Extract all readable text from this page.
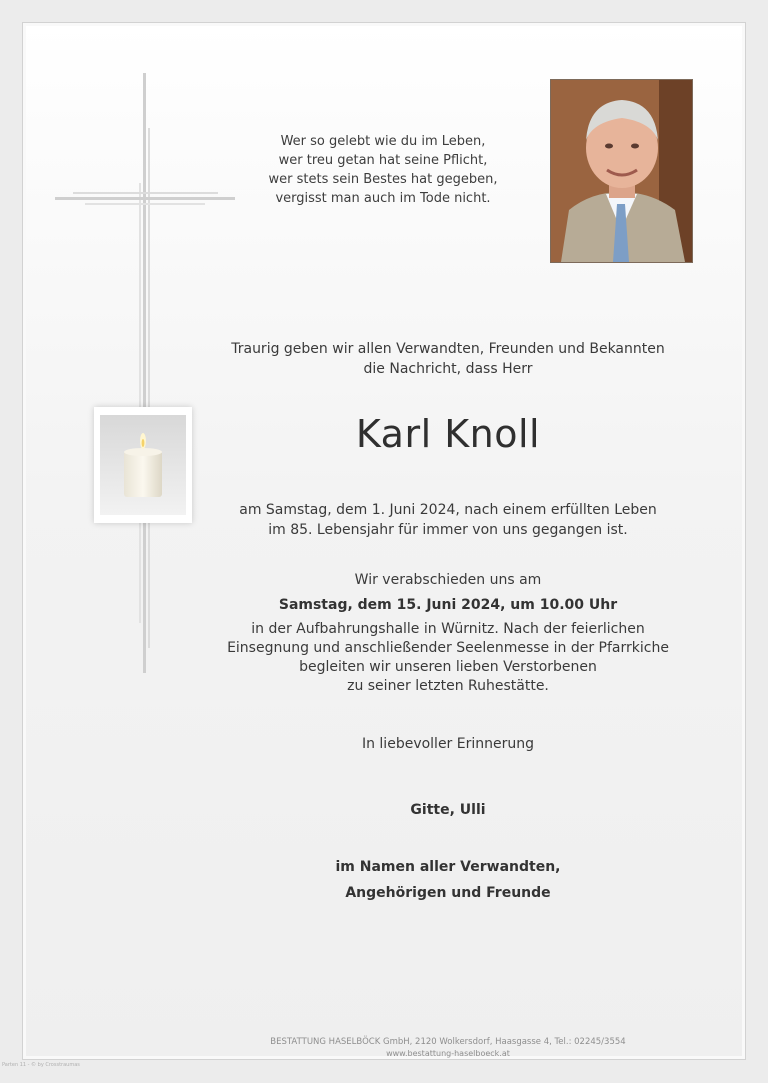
Wer so gelebt wie du im Leben,
wer treu getan hat seine Pflicht,
wer stets sein Bestes hat gegeben,
vergisst man auch im Tode nicht.
Traurig geben wir allen Verwandten, Freunden und Bekannten
die Nachricht, dass Herr
Karl Knoll
am Samstag, dem 1. Juni 2024, nach einem erfüllten Leben
im 85. Lebensjahr für immer von uns gegangen ist.
Wir verabschieden uns am
Samstag, dem 15. Juni 2024, um 10.00 Uhr
in der Aufbahrungshalle in Würnitz. Nach der feierlichen
Einsegnung und anschließender Seelenmesse in der Pfarrkiche
begleiten wir unseren lieben Verstorbenen
zu seiner letzten Ruhestätte.
In liebevoller Erinnerung
Gitte, Ulli
im Namen aller Verwandten,
Angehörigen und Freunde
BESTATTUNG HASELBÖCK GmbH, 2120 Wolkersdorf, Haasgasse 4, Tel.: 02245/3554
www.bestattung-haselboeck.at
Parten 11 - © by Crosstraumas
